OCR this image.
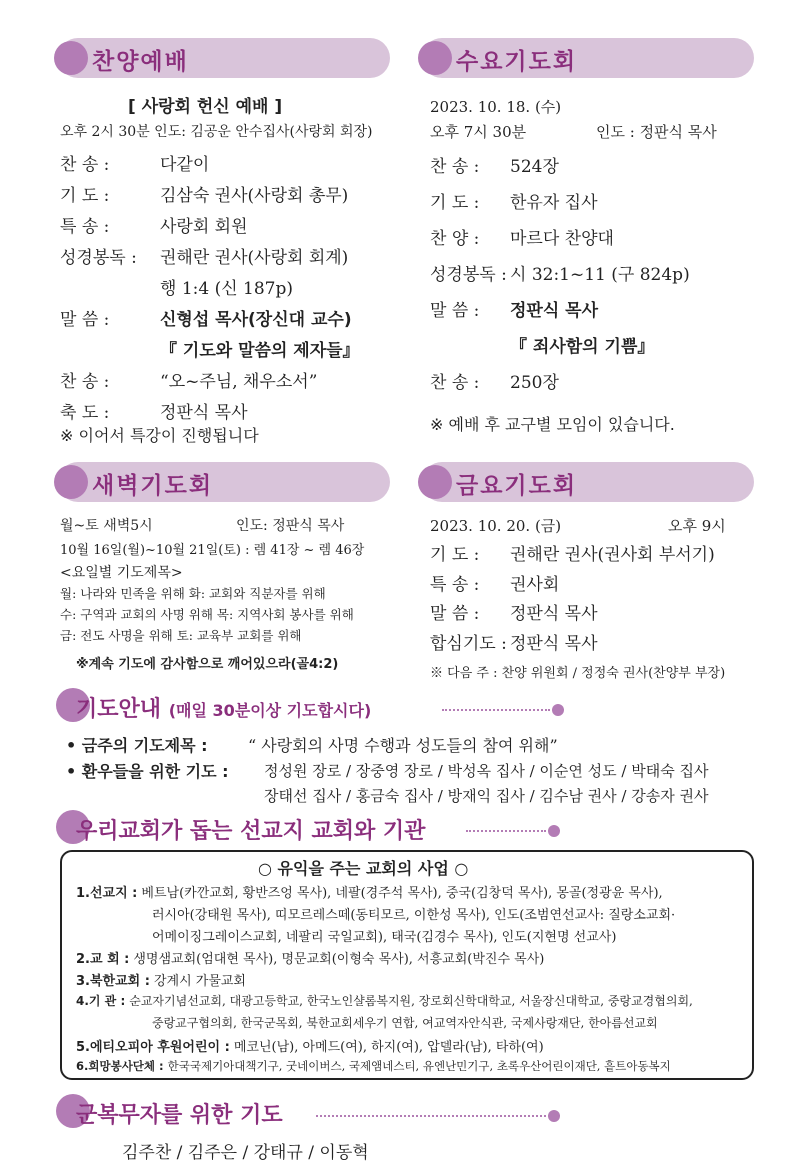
찬양예배
[ 사랑회 헌신 예배 ]
오후 2시 30분 인도: 김공운 안수집사(사랑회 회장)
찬 송 :	다같이
기 도 :	김삼숙 권사(사랑회 총무)
특 송 :	사랑회 회원
성경봉독 : 권해란 권사(사랑회 회계)
행 1:4 (신 187p)
말 씀 :	신형섭 목사(장신대 교수)
『 기도와 말씀의 제자들』
찬 송 :	“오~주님, 채우소서”
축 도 :	정판식 목사
※ 이어서 특강이 진행됩니다
수요기도회
2023. 10. 18. (수)
오후 7시 30분	인도 : 정판식 목사
찬 송 : 524장
기 도 : 한유자 집사
찬 양 : 마르다 찬양대
성경봉독 : 시 32:1~11 (구 824p)
말 씀 : 정판식 목사
『 죄사함의 기쁨』
찬 송 : 250장
※ 예배 후 교구별 모임이 있습니다.
새벽기도회
월~토 새벽5시	인도: 정판식 목사
10월 16일(월)~10월 21일(토) : 렘 41장 ~ 렘 46장
<요일별 기도제목>
월: 나라와 민족을 위해 화: 교회와 직분자를 위해
수: 구역과 교회의 사명 위해 목: 지역사회 봉사를 위해
금: 전도 사명을 위해 토: 교육부 교회를 위해
※계속 기도에 감사함으로 깨어있으라(골4:2)
금요기도회
2023. 10. 20. (금)	오후 9시
기 도 : 권해란 권사(권사회 부서기)
특 송 : 권사회
말 씀 : 정판식 목사
합심기도 : 정판식 목사
※ 다음 주 : 찬양 위원회 / 정정숙 권사(찬양부 부장)
기도안내 (매일 30분이상 기도합시다)
• 금주의 기도제목 :	“ 사랑회의 사명 수행과 성도들의 참여 위해”
• 환우들을 위한 기도 : 정성원 장로 / 장중영 장로 / 박성옥 집사 / 이순연 성도 / 박태숙 집사
장태선 집사 / 홍금숙 집사 / 방재익 집사 / 김수남 권사 / 강송자 권사
우리교회가 돕는 선교지 교회와 기관
○ 유익을 주는 교회의 사업 ○
1.선교지 : 베트남(카깐교회, 황반즈엉 목사), 네팔(경주석 목사), 중국(김창덕 목사), 몽골(정광윤 목사),
러시아(강태원 목사), 띠모르레스떼(동티모르, 이한성 목사), 인도(조범연선교사: 질랑소교회·
어메이징그레이스교회, 네팔리 국일교회), 태국(김경수 목사), 인도(지현명 선교사)
2.교 회 : 생명샘교회(엄대현 목사), 명문교회(이형숙 목사), 서흥교회(박진수 목사)
3.북한교회 : 강계시 가물교회
4.기 관 : 순교자기념선교회, 대광고등학교, 한국노인샬롬복지원, 장로회신학대학교, 서울장신대학교, 중랑교경협의회,
중랑교구협의회, 한국군목회, 북한교회세우기 연합, 여교역자안식관, 국제사랑재단, 한아름선교회
5.에티오피아 후원어린이 : 메코닌(남), 아메드(여), 하지(여), 압델라(남), 타하(여)
6.희망봉사단체 : 한국국제기아대책기구, 굿네이버스, 국제앰네스티, 유엔난민기구, 초록우산어린이재단, 흩트아동복지
군복무자를 위한 기도
김주찬 / 김주은 / 강태규 / 이동혁
